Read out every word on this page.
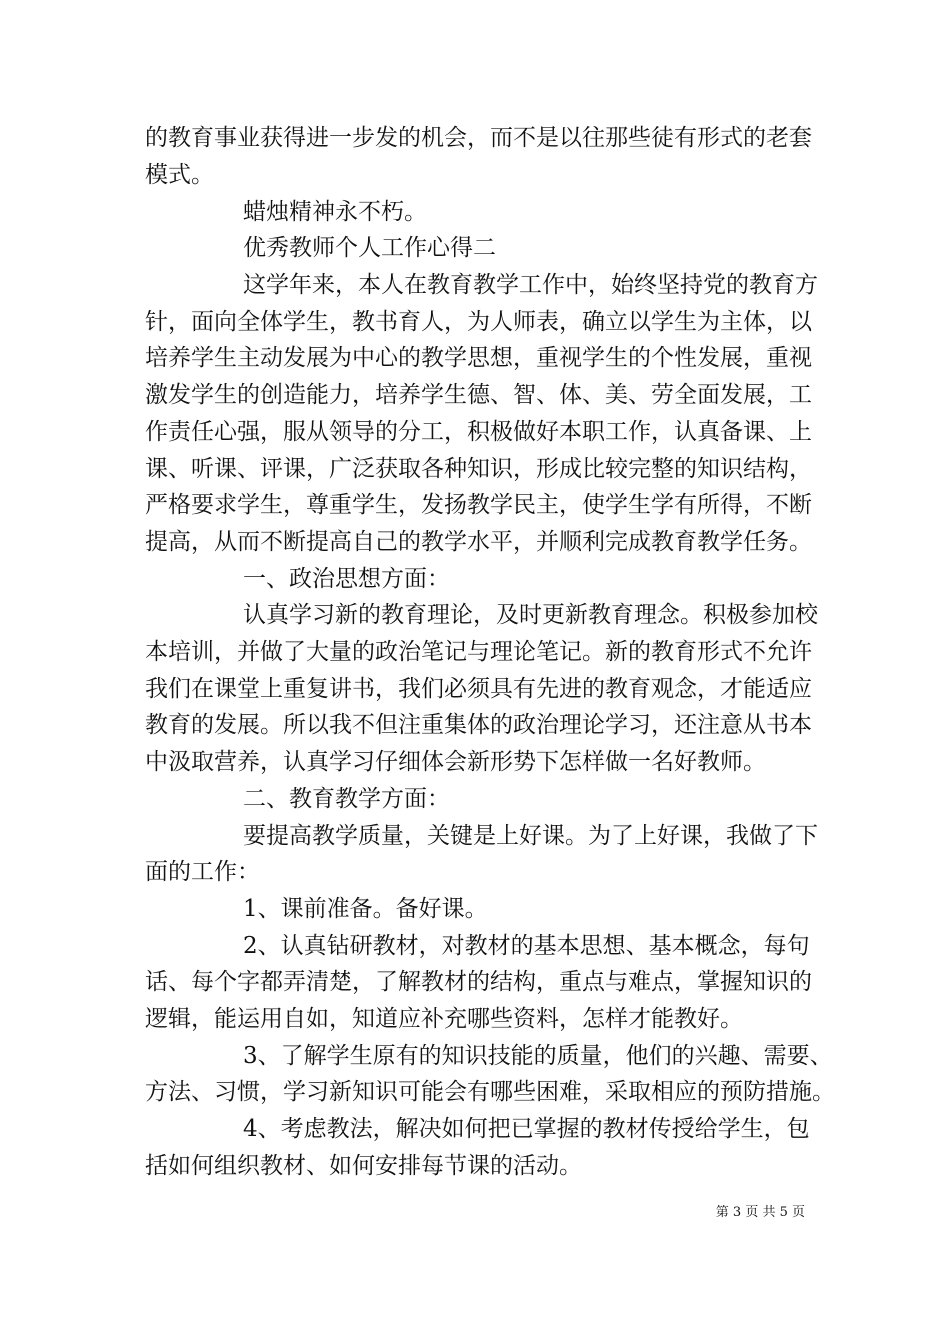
的教育事业获得进一步发的机会，而不是以往那些徒有形式的老套
模式。
蜡烛精神永不朽。
优秀教师个人工作心得二
这学年来，本人在教育教学工作中，始终坚持党的教育方
针，面向全体学生，教书育人，为人师表，确立以学生为主体，以
培养学生主动发展为中心的教学思想，重视学生的个性发展，重视
激发学生的创造能力，培养学生德、智、体、美、劳全面发展，工
作责任心强，服从领导的分工，积极做好本职工作，认真备课、上
课、听课、评课，广泛获取各种知识，形成比较完整的知识结构，
严格要求学生，尊重学生，发扬教学民主，使学生学有所得，不断
提高，从而不断提高自己的教学水平，并顺利完成教育教学任务。
一、政治思想方面：
认真学习新的教育理论，及时更新教育理念。积极参加校
本培训，并做了大量的政治笔记与理论笔记。新的教育形式不允许
我们在课堂上重复讲书，我们必须具有先进的教育观念，才能适应
教育的发展。所以我不但注重集体的政治理论学习，还注意从书本
中汲取营养，认真学习仔细体会新形势下怎样做一名好教师。
二、教育教学方面：
要提高教学质量，关键是上好课。为了上好课，我做了下
面的工作：
1、课前准备。备好课。
2、认真钻研教材，对教材的基本思想、基本概念，每句
话、每个字都弄清楚，了解教材的结构，重点与难点，掌握知识的
逻辑，能运用自如，知道应补充哪些资料，怎样才能教好。
3、了解学生原有的知识技能的质量，他们的兴趣、需要、
方法、习惯，学习新知识可能会有哪些困难，采取相应的预防措施。
4、考虑教法，解决如何把已掌握的教材传授给学生，包
括如何组织教材、如何安排每节课的活动。
第 3 页 共 5 页
